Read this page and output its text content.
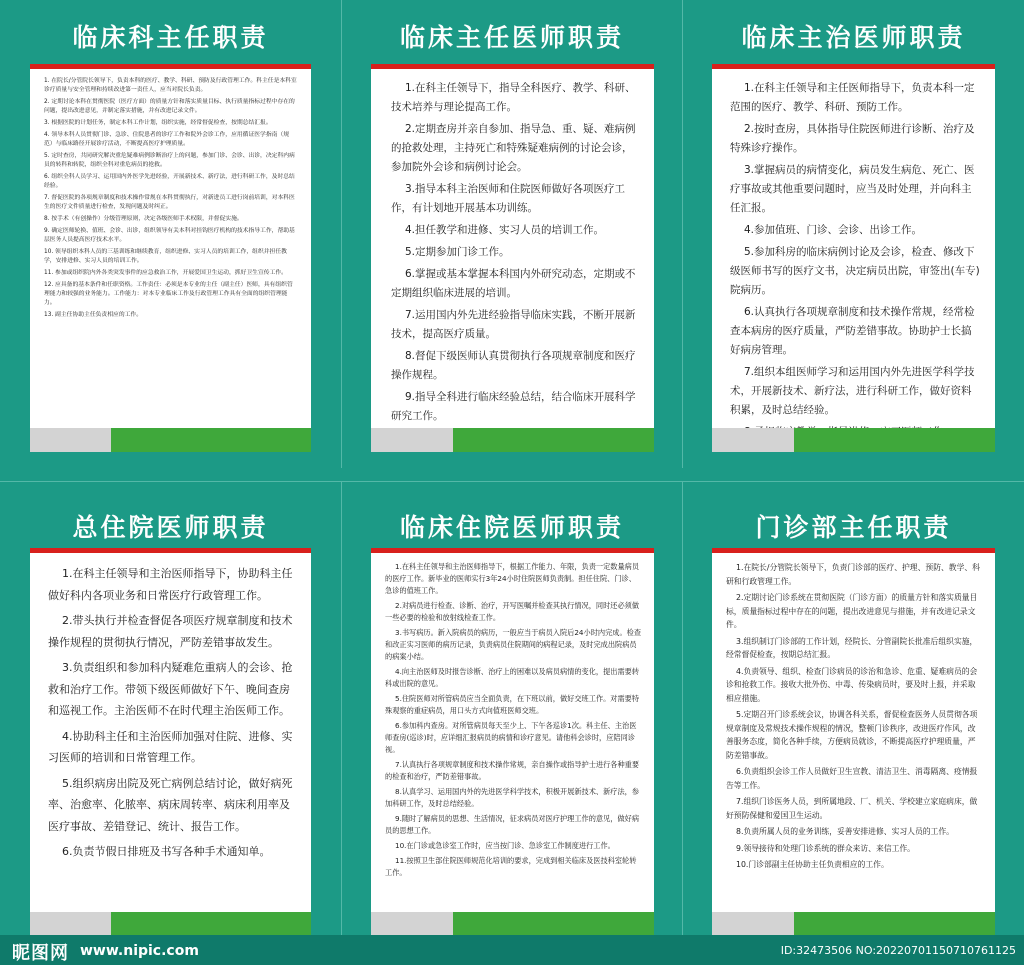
临床科主任职责
1. 在院长/分管院长领导下，负责本科的医疗、教学、科研、预防及行政管理工作。科主任是本科室诊疗质量与安全管理和持续改进第一责任人，应当对院长负责。
2. 定期讨论本科在贯彻医院（医疗方面）的质量方针和落实质量目标、执行质量指标过程中存在的问题，提出改进意见，并制定落实措施，并有改进记录文件。
3. 根据医院的计划任务，制定本科工作计划，组织实施，经常督促检查，按期总结汇报。
4. 领导本科人员贯彻门诊、急诊、住院患者的诊疗工作和院外会诊工作，应用循证医学指南（规范）与临床路径开展诊疗活动，不断提高医疗护理质量。
5. 定时查房，共同研究解决重危疑难病例诊断治疗上的问题，参加门诊、会诊、出诊，决定科内病员的转科和转院，组织全科对重危病员的抢救。
6. 组织全科人员学习、运用国内外医学先进经验，开展新技术、新疗法，进行科研工作，及时总结经验。
7. 督促医院的各项规章制度和技术操作常规在本科贯彻执行，对新进员工进行岗前培训，对本科医生的医疗文件质量进行检查，发现问题及时纠正。
8. 按手术（有创操作）分级管理原则，决定各级医师手术权限，并督促实施。
9. 确定医师轮换、值班、会诊、出诊，组织领导有关本科对挂钩医疗机构的技术指导工作，帮助基层医务人员提高医疗技术水平。
10. 领导组织本科人员的三基训练和继续教育，组织进修、实习人员的培训工作，组织并担任教学，安排进修、实习人员的培训工作。
11. 参加或组织院内外各类突发事件的应急救治工作，开展爱国卫生运动，抓好卫生宣传工作。
12. 应具备的基本条件和任职资格。工作责任：必须是本专业的主任（副主任）医师，具有组织管理能力和较强的业务能力。工作能力：对本专业临床工作及行政管理工作具有全面的组织管理能力。
13. 副主任协助主任负责相应的工作。
临床主任医师职责
1.在科主任领导下，指导全科医疗、教学、科研、技术培养与理论提高工作。
2.定期查房并亲自参加、指导急、重、疑、难病例的抢救处理，主持死亡和特殊疑难病例的讨论会诊，参加院外会诊和病例讨论会。
3.指导本科主治医师和住院医师做好各项医疗工作，有计划地开展基本功训练。
4.担任教学和进修、实习人员的培训工作。
5.定期参加门诊工作。
6.掌握或基本掌握本科国内外研究动态，定期或不定期组织临床进展的培训。
7.运用国内外先进经验指导临床实践，不断开展新技术，提高医疗质量。
8.督促下级医师认真贯彻执行各项规章制度和医疗操作规程。
9.指导全科进行临床经验总结，结合临床开展科学研究工作。
临床主治医师职责
1.在科主任领导和主任医师指导下，负责本科一定范围的医疗、教学、科研、预防工作。
2.按时查房，具体指导住院医师进行诊断、治疗及特殊诊疗操作。
3.掌握病员的病情变化，病员发生病危、死亡、医疗事故或其他重要问题时，应当及时处理，并向科主任汇报。
4.参加值班、门诊、会诊、出诊工作。
5.参加科房的临床病例讨论及会诊，检查、修改下级医师书写的医疗文书，决定病员出院，审签出(车专)院病历。
6.认真执行各项规章制度和技术操作常规，经常检查本病房的医疗质量，严防差错事故。协助护士长搞好病房管理。
7.组织本组医师学习和运用国内外先进医学科学技术，开展新技术、新疗法，进行科研工作，做好资料积累，及时总结经验。
总住院医师职责
1.在科主任领导和主治医师指导下，协助科主任做好科内各项业务和日常医疗行政管理工作。
2.带头执行并检查督促各项医疗规章制度和技术操作规程的贯彻执行情况，严防差错事故发生。
3.负责组织和参加科内疑难危重病人的会诊、抢救和治疗工作。带领下级医师做好下午、晚间查房和巡视工作。主治医师不在时代理主治医师工作。
4.协助科主任和主治医师加强对住院、进修、实习医师的培训和日常管理工作。
5.组织病房出院及死亡病例总结讨论，做好病死率、治愈率、化脓率、病床周转率、病床利用率及医疗事故、差错登记、统计、报告工作。
6.负责节假日排班及书写各种手术通知单。
临床住院医师职责
1.在科主任领导和主治医师指导下，根据工作能力、年限，负责一定数量病员的医疗工作。新毕业的医师实行3年24小时住院医师负责制。担任住院、门诊、急诊的值班工作。
2.对病员进行检查、诊断、治疗，开写医嘱并检查其执行情况，同时还必须做一些必要的检验和放射线检查工作。
3.书写病历。新入院病员的病历，一般应当于病员入院后24小时内完成。检查和改正实习医师的病历记录，负责病员住院期间的病程记录，及时完成出院病员的病案小结。
4.向主治医师及时报告诊断、治疗上的困难以及病员病情的变化，提出需要转科或出院的意见。
5.住院医师对所管病员应当全面负责，在下班以前，做好交班工作。对需要特殊观察的重症病员，用口头方式向值班医师交班。
6.参加科内查房。对所管病员每天至少上、下午各巡诊1次。科主任、主治医师查房(巡诊)时，应详细汇报病员的病情和诊疗意见。请他科会诊时，应陪同诊视。
7.认真执行各项规章制度和技术操作常规，亲自操作或指导护士进行各种重要的检查和治疗，严防差错事故。
8.认真学习、运用国内外的先进医学科学技术，积极开展新技术、新疗法，参加科研工作，及时总结经验。
9.随时了解病员的思想、生活情况，征求病员对医疗护理工作的意见，做好病员的思想工作。
10.在门诊或急诊室工作时，应当按门诊、急诊室工作制度进行工作。
11.按照卫生部住院医师规范化培训的要求，完成到相关临床及医技科室轮转工作。
门诊部主任职责
1.在院长/分管院长领导下，负责门诊部的医疗、护理、预防、教学、科研和行政管理工作。
2.定期讨论门诊系统在贯彻医院（门诊方面）的质量方针和落实质量目标，质量指标过程中存在的问题，提出改进意见与措施，并有改进记录文件。
3.组织制订门诊部的工作计划，经院长、分管副院长批准后组织实施，经常督促检查，按期总结汇报。
4.负责领导、组织、检查门诊病员的诊治和急诊、危重、疑难病员的会诊和抢救工作。接收大批外伤、中毒、传染病员时，要及时上报，并采取相应措施。
5.定期召开门诊系统会议，协调各科关系，督促检查医务人员贯彻各项规章制度及常规技术操作规程的情况，整顿门诊秩序，改进医疗作风，改善服务态度，简化各种手续，方便病员就诊，不断提高医疗护理质量，严防差错事故。
6.负责组织会诊工作人员做好卫生宣教、清洁卫生、消毒隔离、疫情报告等工作。
7.组织门诊医务人员，到所属地段、厂、机关、学校建立家庭病床，做好预防保健和爱国卫生运动。
8.负责所属人员的业务训练，妥善安排进修、实习人员的工作。
9.领导接待和处理门诊系统的群众来访、来信工作。
10.门诊部副主任协助主任负责相应的工作。
昵图网 www.nipic.com	ID:32473506 NO:20220701150710761125
